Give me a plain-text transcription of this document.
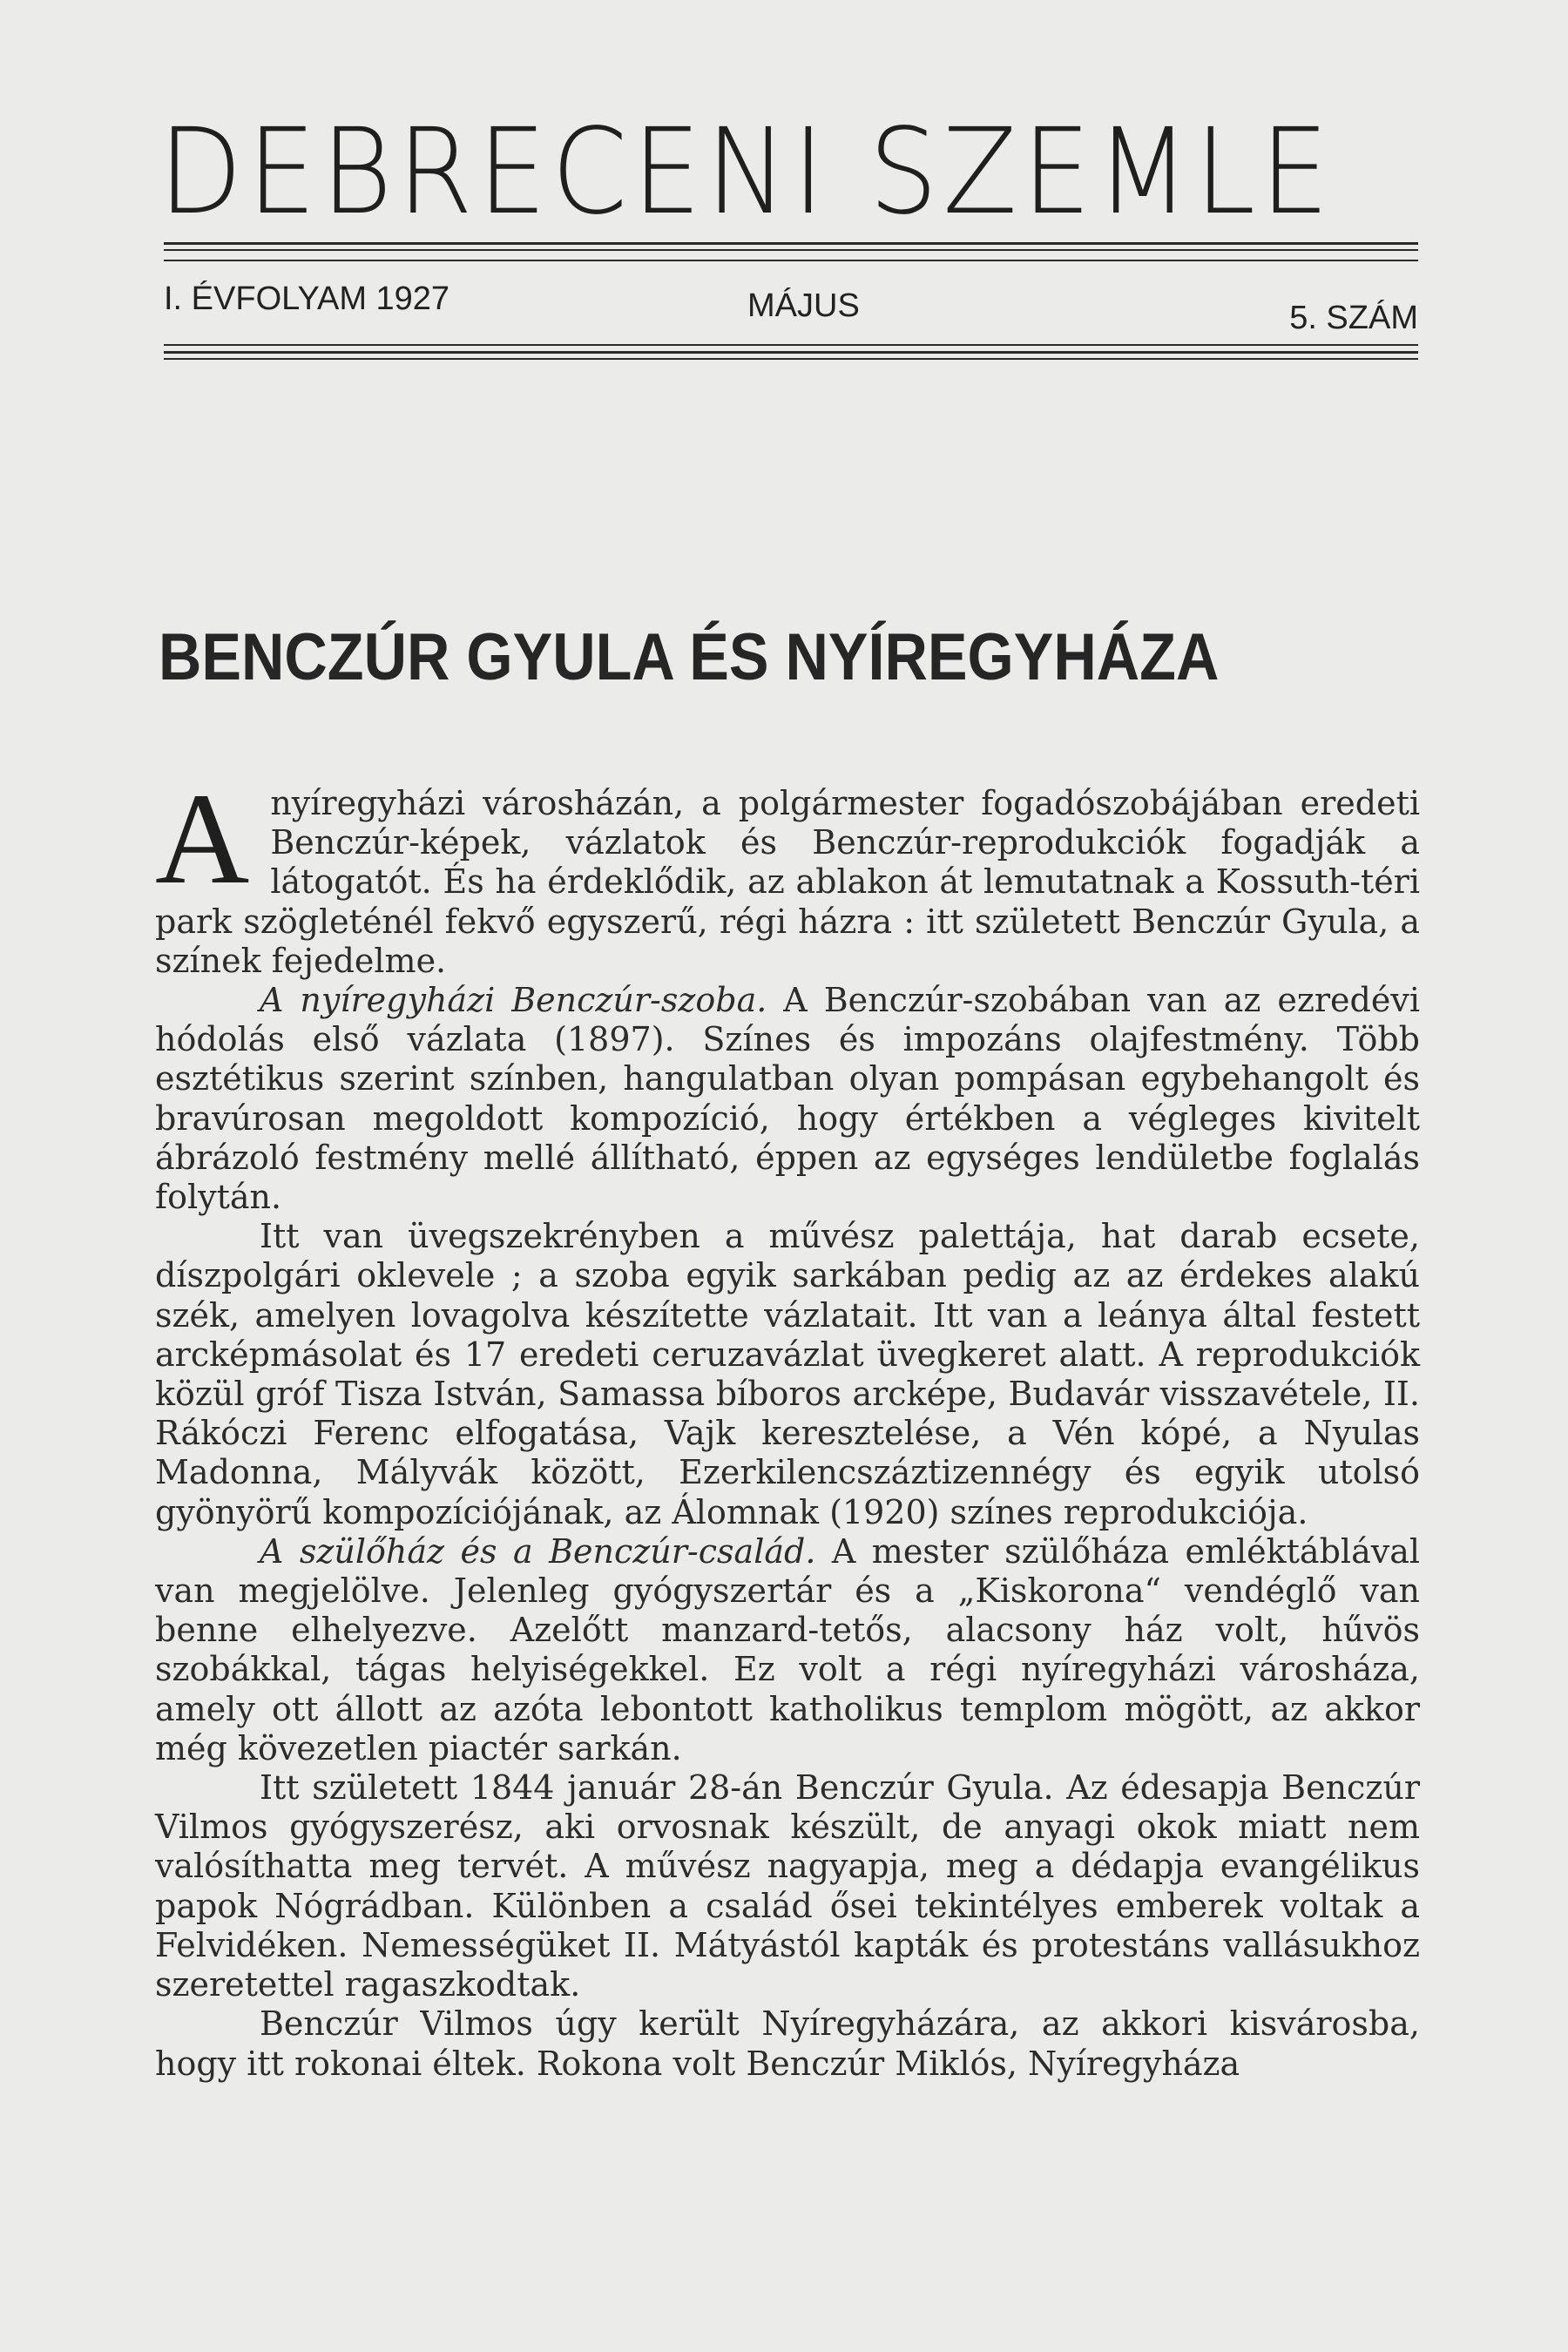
DEBRECENI SZEMLE
I. ÉVFOLYAM 1927	MÁJUS	5. SZÁM
BENCZÚR GYULA ÉS NYÍREGYHÁZA

A nyíregyházi városházán, a polgármester fogadószobájában eredeti Benczúr-képek, vázlatok és Benczúr-reprodukciók fogadják a látogatót. És ha érdeklődik, az ablakon át lemutatnak a Kossuth-téri park szögleténél fekvő egyszerű, régi házra : itt született Benczúr Gyula, a színek fejedelme.

A nyíregyházi Benczúr-szoba. A Benczúr-szobában van az ezredévi hódolás első vázlata (1897). Színes és impozáns olajfestmény. Több esztétikus szerint színben, hangulatban olyan pompásan egybehangolt és bravúrosan megoldott kompozíció, hogy értékben a végleges kivitelt ábrázoló festmény mellé állítható, éppen az egységes lendületbe foglalás folytán.

Itt van üvegszekrényben a művész palettája, hat darab ecsete, díszpolgári oklevele ; a szoba egyik sarkában pedig az az érdekes alakú szék, amelyen lovagolva készítette vázlatait. Itt van a leánya által festett arcképmásolat és 17 eredeti ceruzavázlat üvegkeret alatt. A reprodukciók közül gróf Tisza István, Samassa bíboros arcképe, Budavár visszavétele, II. Rákóczi Ferenc elfogatása, Vajk keresztelése, a Vén kópé, a Nyulas Madonna, Mályvák között, Ezerkilencszáztizennégy és egyik utolsó gyönyörű kompozíciójának, az Álomnak (1920) színes reprodukciója.

A szülőház és a Benczúr-család. A mester szülőháza emléktáblával van megjelölve. Jelenleg gyógyszertár és a „Kiskorona“ vendéglő van benne elhelyezve. Azelőtt manzard-tetős, alacsony ház volt, hűvös szobákkal, tágas helyiségekkel. Ez volt a régi nyíregyházi városháza, amely ott állott az azóta lebontott katholikus templom mögött, az akkor még kövezetlen piactér sarkán.

Itt született 1844 január 28-án Benczúr Gyula. Az édesapja Benczúr Vilmos gyógyszerész, aki orvosnak készült, de anyagi okok miatt nem valósíthatta meg tervét. A művész nagyapja, meg a dédapja evangélikus papok Nógrádban. Különben a család ősei tekintélyes emberek voltak a Felvidéken. Nemességüket II. Mátyástól kapták és protestáns vallásukhoz szeretettel ragaszkodtak.

Benczúr Vilmos úgy került Nyíregyházára, az akkori kisvárosba, hogy itt rokonai éltek. Rokona volt Benczúr Miklós, Nyíregyháza
